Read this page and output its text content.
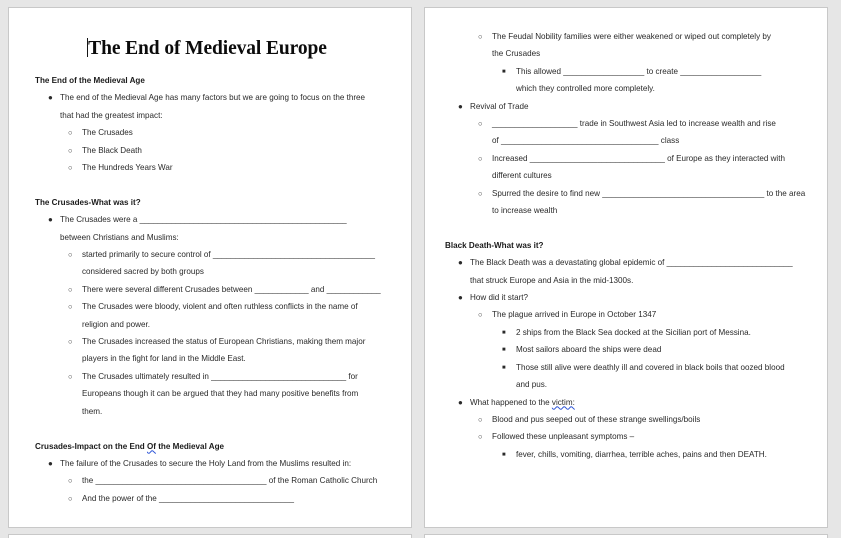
The End of Medieval Europe
The End of the Medieval Age
● The end of the Medieval Age has many factors but we are going to focus on the three
that had the greatest impact:
○ The Crusades
○ The Black Death
○ The Hundreds Years War
The Crusades-What was it?
● The Crusades were a ______________________________________________
between Christians and Muslims:
○ started primarily to secure control of ____________________________________
considered sacred by both groups
○ There were several different Crusades between ____________ and ____________
○ The Crusades were bloody, violent and often ruthless conflicts in the name of
religion and power.
○ The Crusades increased the status of European Christians, making them major
players in the fight for land in the Middle East.
○ The Crusades ultimately resulted in ______________________________ for
Europeans though it can be argued that they had many positive benefits from
them.
Crusades-Impact on the End Of the Medieval Age
● The failure of the Crusades to secure the Holy Land from the Muslims resulted in:
○ the ______________________________________ of the Roman Catholic Church
○ And the power of the ______________________________
○ The Feudal Nobility families were either weakened or wiped out completely by
the Crusades
■ This allowed __________________ to create __________________
which they controlled more completely.
● Revival of Trade
○ ___________________ trade in Southwest Asia led to increase wealth and rise
of ___________________________________ class
○ Increased ______________________________ of Europe as they interacted with
different cultures
○ Spurred the desire to find new ____________________________________ to the area
to increase wealth
Black Death-What was it?
● The Black Death was a devastating global epidemic of ____________________________
that struck Europe and Asia in the mid-1300s.
● How did it start?
○ The plague arrived in Europe in October 1347
■ 2 ships from the Black Sea docked at the Sicilian port of Messina.
■ Most sailors aboard the ships were dead
■ Those still alive were deathly ill and covered in black boils that oozed blood
and pus.
● What happened to the victim:
○ Blood and pus seeped out of these strange swellings/boils
○ Followed these unpleasant symptoms –
■ fever, chills, vomiting, diarrhea, terrible aches, pains and then DEATH.
